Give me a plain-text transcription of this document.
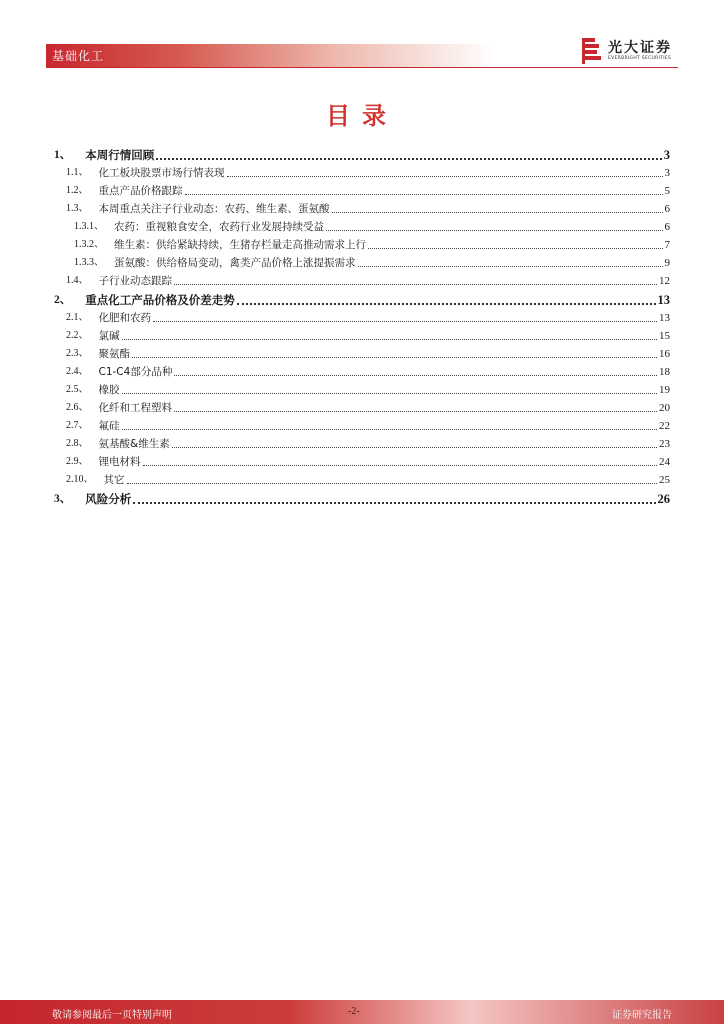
基础化工	光大证券
EVERBRIGHT SECURITIES
目录
1、 本周行情回顾	3
1.1、 化工板块股票市场行情表现	3
1.2、 重点产品价格跟踪	5
1.3、 本周重点关注子行业动态：农药、维生素、蛋氨酸	6
1.3.1、 农药：重视粮食安全，农药行业发展持续受益	6
1.3.2、 维生素：供给紧缺持续，生猪存栏量走高推动需求上行	7
1.3.3、 蛋氨酸：供给格局变动，禽类产品价格上涨提振需求	9
1.4、 子行业动态跟踪	12
2、 重点化工产品价格及价差走势	13
2.1、 化肥和农药	13
2.2、 氯碱	15
2.3、 聚氨酯	16
2.4、 C1-C4部分品种	18
2.5、 橡胶	19
2.6、 化纤和工程塑料	20
2.7、 氟硅	22
2.8、 氨基酸&维生素	23
2.9、 锂电材料	24
2.10、 其它	25
3、 风险分析	26
敬请参阅最后一页特别声明	-2-	证券研究报告
